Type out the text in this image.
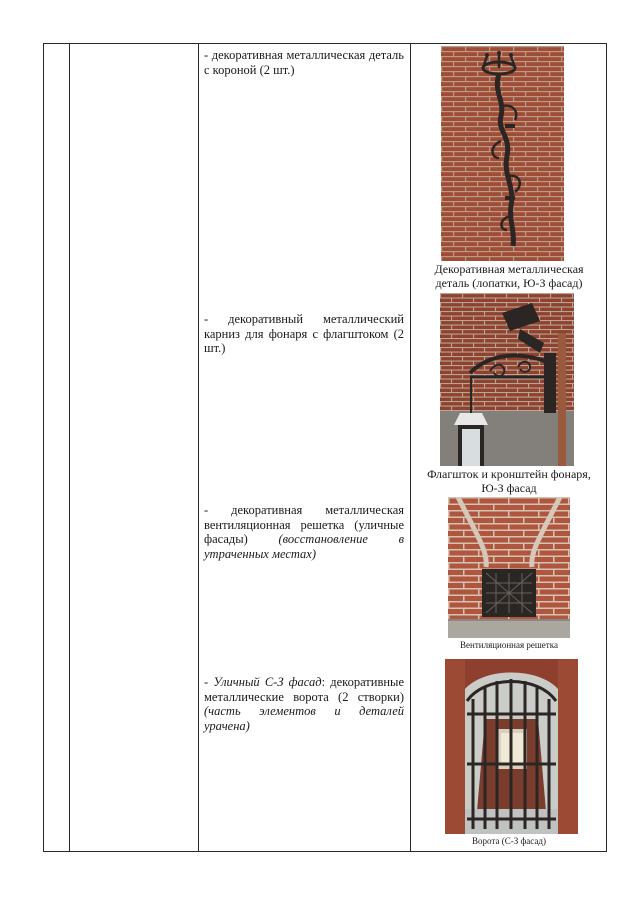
- декоративная металлическая деталь с короной (2 шт.)

- декоративный металлический карниз для фонаря с флагштоком (2 шт.)

- декоративная металлическая вентиляционная решетка (уличные фасады) (восстановление в утраченных местах)

- Уличный С-З фасад: декоративные металлические ворота (2 створки) (часть элементов и деталей урачена)

Декоративная металлическая деталь (лопатки, Ю-З фасад)
Флагшток и кронштейн фонаря, Ю-З фасад
Вентиляционная решетка
Ворота (С-З фасад)
